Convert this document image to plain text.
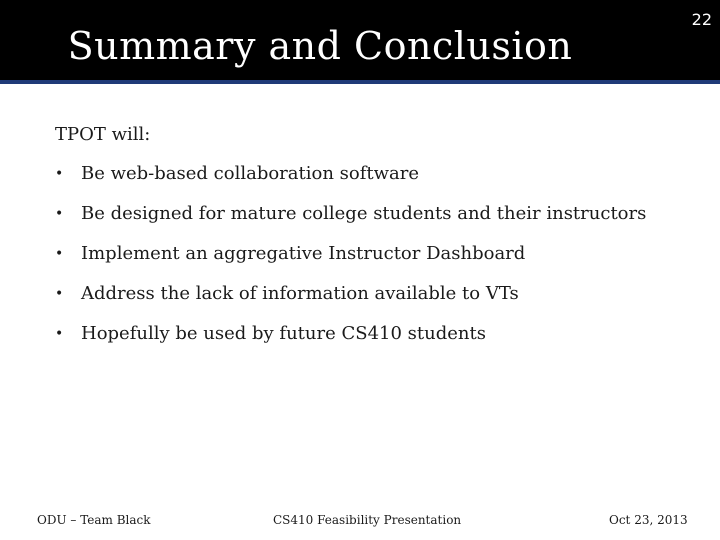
Summary and Conclusion
22

TPOT will:

• Be web-based collaboration software
• Be designed for mature college students and their instructors
• Implement an aggregative Instructor Dashboard
• Address the lack of information available to VTs
• Hopefully be used by future CS410 students
ODU – Team Black	CS410 Feasibility Presentation	Oct 23, 2013
